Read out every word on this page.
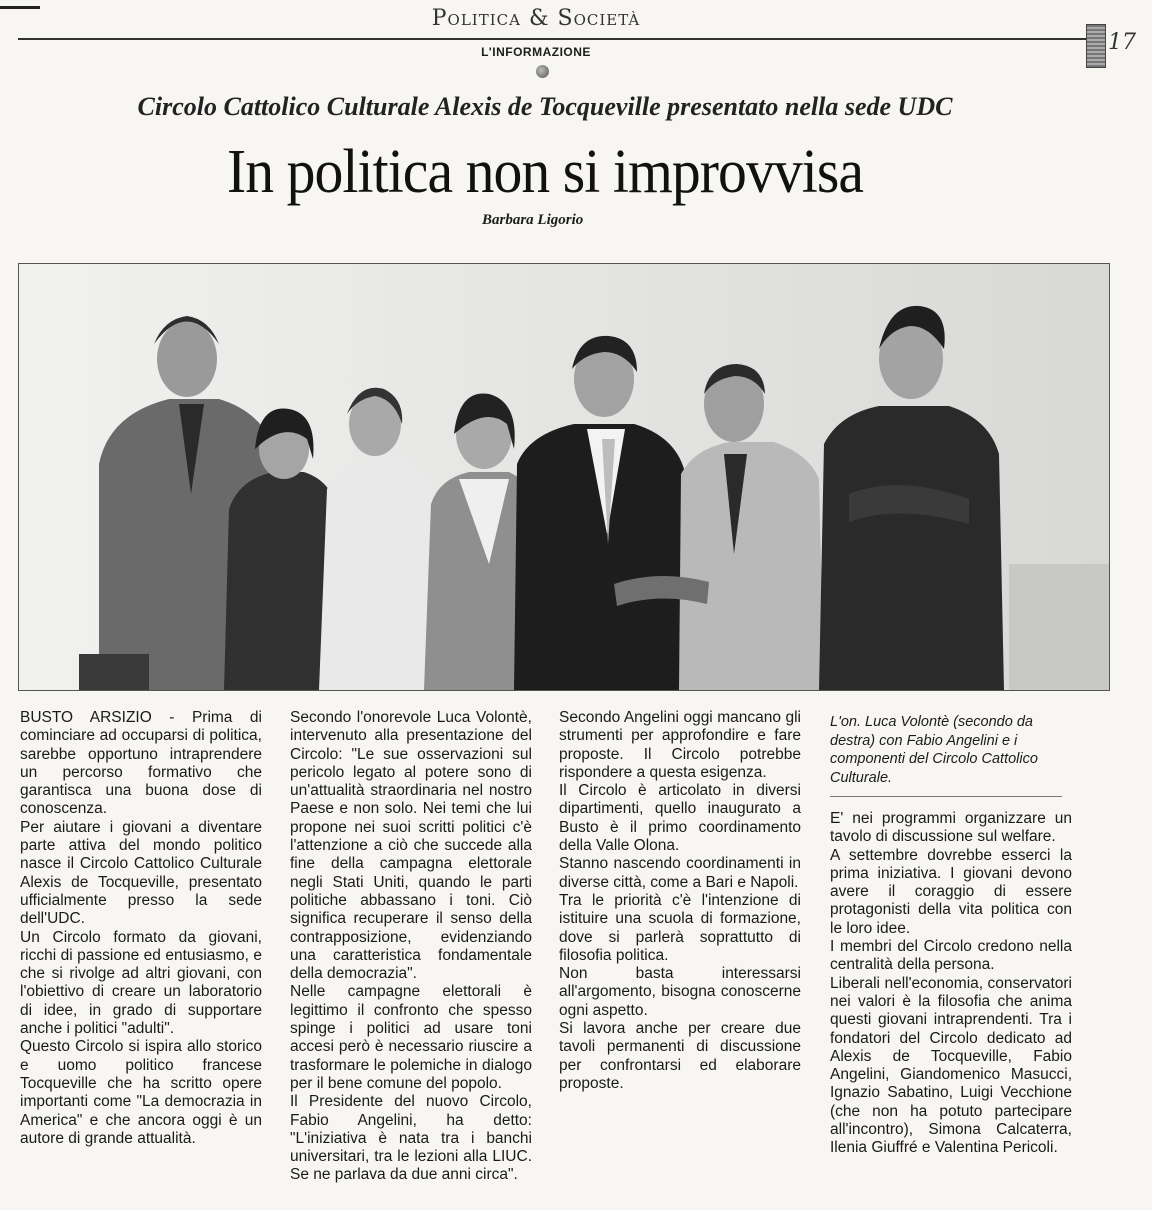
Politica & Società
L'INFORMAZIONE	17
Circolo Cattolico Culturale Alexis de Tocqueville presentato nella sede UDC
In politica non si improvvisa
Barbara Ligorio

BUSTO ARSIZIO - Prima di cominciare ad occuparsi di politica, sarebbe opportuno intraprendere un percorso formativo che garantisca una buona dose di conoscenza.

Per aiutare i giovani a diventare parte attiva del mondo politico nasce il Circolo Cattolico Culturale Alexis de Tocqueville, presentato ufficialmente presso la sede dell'UDC.

Un Circolo formato da giovani, ricchi di passione ed entusiasmo, e che si rivolge ad altri giovani, con l'obiettivo di creare un laboratorio di idee, in grado di supportare anche i politici "adulti".

Questo Circolo si ispira allo storico e uomo politico francese Tocqueville che ha scritto opere importanti come "La democrazia in America" e che ancora oggi è un autore di grande attualità.

Secondo l'onorevole Luca Volontè, intervenuto alla presentazione del Circolo: "Le sue osservazioni sul pericolo legato al potere sono di un'attualità straordinaria nel nostro Paese e non solo. Nei temi che lui propone nei suoi scritti politici c'è l'attenzione a ciò che succede alla fine della campagna elettorale negli Stati Uniti, quando le parti politiche abbassano i toni. Ciò significa recuperare il senso della contrapposizione, evidenziando una caratteristica fondamentale della democrazia".

Nelle campagne elettorali è legittimo il confronto che spesso spinge i politici ad usare toni accesi però è necessario riuscire a trasformare le polemiche in dialogo per il bene comune del popolo.

Il Presidente del nuovo Circolo, Fabio Angelini, ha detto: "L'iniziativa è nata tra i banchi universitari, tra le lezioni alla LIUC. Se ne parlava da due anni circa".

Secondo Angelini oggi mancano gli strumenti per approfondire e fare proposte. Il Circolo potrebbe rispondere a questa esigenza.

Il Circolo è articolato in diversi dipartimenti, quello inaugurato a Busto è il primo coordinamento della Valle Olona.

Stanno nascendo coordinamenti in diverse città, come a Bari e Napoli.

Tra le priorità c'è l'intenzione di istituire una scuola di formazione, dove si parlerà soprattutto di filosofia politica.

Non basta interessarsi all'argomento, bisogna conoscerne ogni aspetto.

Si lavora anche per creare due tavoli permanenti di discussione per confrontarsi ed elaborare proposte.

L'on. Luca Volontè (secondo da destra) con Fabio Angelini e i componenti del Circolo Cattolico Culturale.

E' nei programmi organizzare un tavolo di discussione sul welfare.

A settembre dovrebbe esserci la prima iniziativa. I giovani devono avere il coraggio di essere protagonisti della vita politica con le loro idee.

I membri del Circolo credono nella centralità della persona.

Liberali nell'economia, conservatori nei valori è la filosofia che anima questi giovani intraprendenti. Tra i fondatori del Circolo dedicato ad Alexis de Tocqueville, Fabio Angelini, Giandomenico Masucci, Ignazio Sabatino, Luigi Vecchione (che non ha potuto partecipare all'incontro), Simona Calcaterra, Ilenia Giuffré e Valentina Pericoli.
